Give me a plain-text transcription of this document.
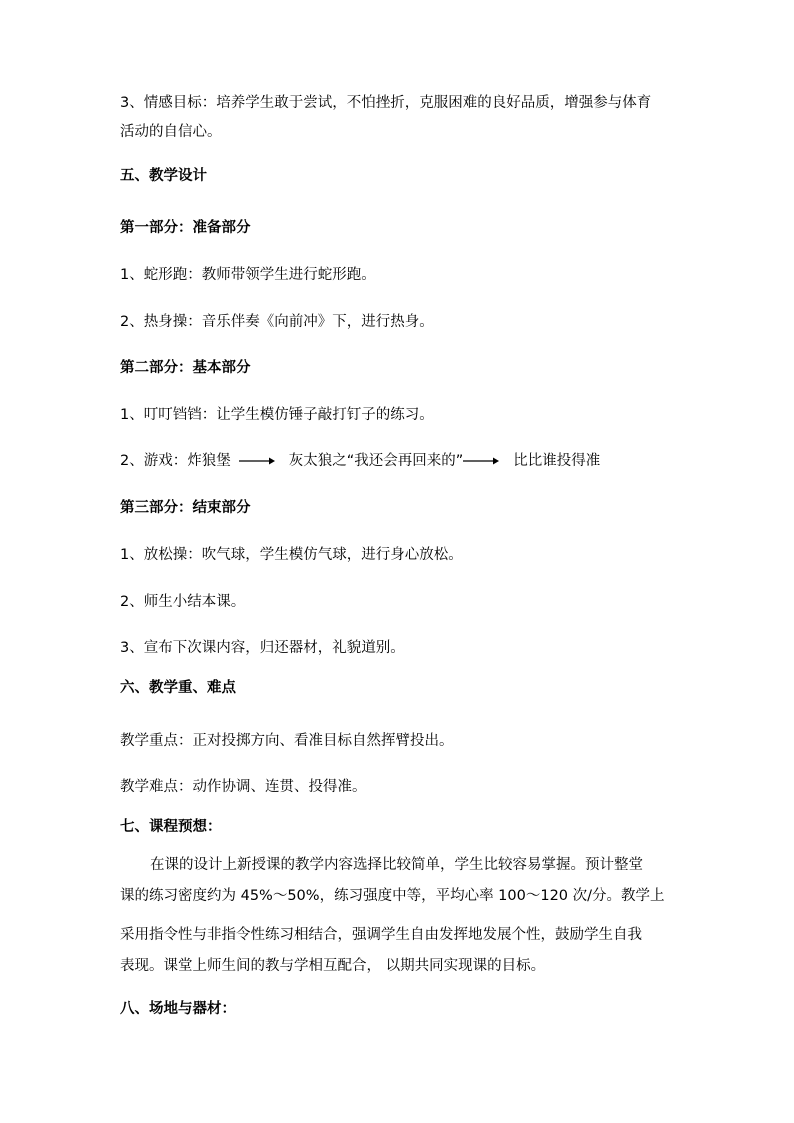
3、情感目标：培养学生敢于尝试，不怕挫折，克服困难的良好品质，增强参与体育
活动的自信心。
五、教学设计
第一部分：准备部分
1、蛇形跑：教师带领学生进行蛇形跑。
2、热身操：音乐伴奏《向前冲》下，进行热身。
第二部分：基本部分
1、叮叮铛铛：让学生模仿锤子敲打钉子的练习。
2、游戏：炸狼堡	灰太狼之“我还会再回来的”	比比谁投得准
第三部分：结束部分
1、放松操：吹气球，学生模仿气球，进行身心放松。
2、师生小结本课。
3、宣布下次课内容，归还器材，礼貌道别。
六、教学重、难点
教学重点：正对投掷方向、看准目标自然挥臂投出。
教学难点：动作协调、连贯、投得准。
七、课程预想：
在课的设计上新授课的教学内容选择比较简单，学生比较容易掌握。预计整堂
课的练习密度约为 45%～50%，练习强度中等，平均心率 100～120 次/分。教学上
采用指令性与非指令性练习相结合，强调学生自由发挥地发展个性，鼓励学生自我
表现。课堂上师生间的教与学相互配合， 以期共同实现课的目标。
八、场地与器材：
